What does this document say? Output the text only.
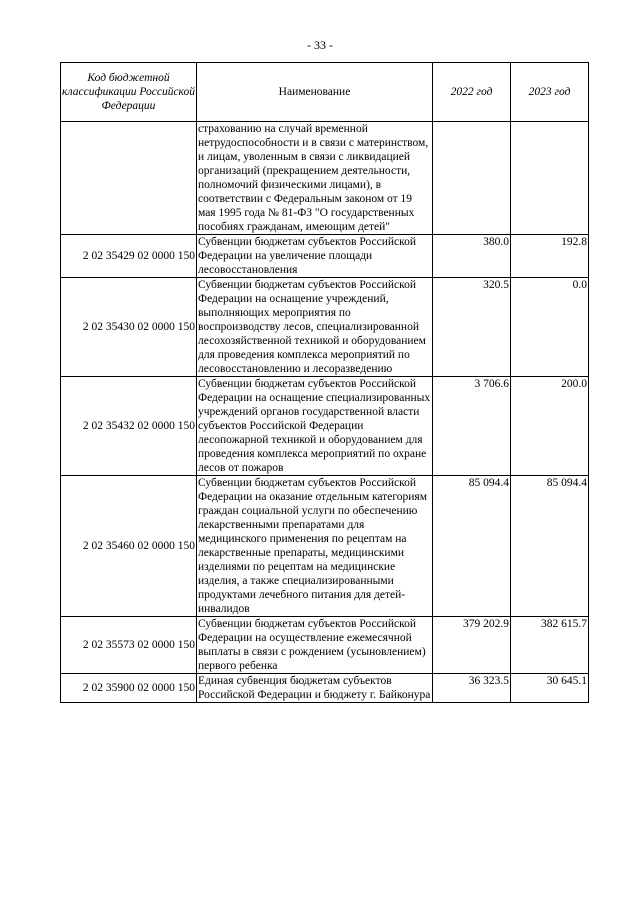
- 33 -
Код бюджетной классификации Российской Федерации	Наименование	2022 год	2023 год
	страхованию на случай временной нетрудоспособности и в связи с материнством, и лицам, уволенным в связи с ликвидацией организаций (прекращением деятельности, полномочий физическими лицами), в соответствии с Федеральным законом от 19 мая 1995 года № 81-ФЗ "О государственных пособиях гражданам, имеющим детей"		
2 02 35429 02 0000 150	Субвенции бюджетам субъектов Российской Федерации на увеличение площади лесовосстановления	380.0	192.8
2 02 35430 02 0000 150	Субвенции бюджетам субъектов Российской Федерации на оснащение учреждений, выполняющих мероприятия по воспроизводству лесов, специализированной лесохозяйственной техникой и оборудованием для проведения комплекса мероприятий по лесовосстановлению и лесоразведению	320.5	0.0
2 02 35432 02 0000 150	Субвенции бюджетам субъектов Российской Федерации на оснащение специализированных учреждений органов государственной власти субъектов Российской Федерации лесопожарной техникой и оборудованием для проведения комплекса мероприятий по охране лесов от пожаров	3 706.6	200.0
2 02 35460 02 0000 150	Субвенции бюджетам субъектов Российской Федерации на оказание отдельным категориям граждан социальной услуги по обеспечению лекарственными препаратами для медицинского применения по рецептам на лекарственные препараты, медицинскими изделиями по рецептам на медицинские изделия, а также специализированными продуктами лечебного питания для детей-инвалидов	85 094.4	85 094.4
2 02 35573 02 0000 150	Субвенции бюджетам субъектов Российской Федерации на осуществление ежемесячной выплаты в связи с рождением (усыновлением) первого ребенка	379 202.9	382 615.7
2 02 35900 02 0000 150	Единая субвенция бюджетам субъектов Российской Федерации и бюджету г. Байконура	36 323.5	30 645.1
